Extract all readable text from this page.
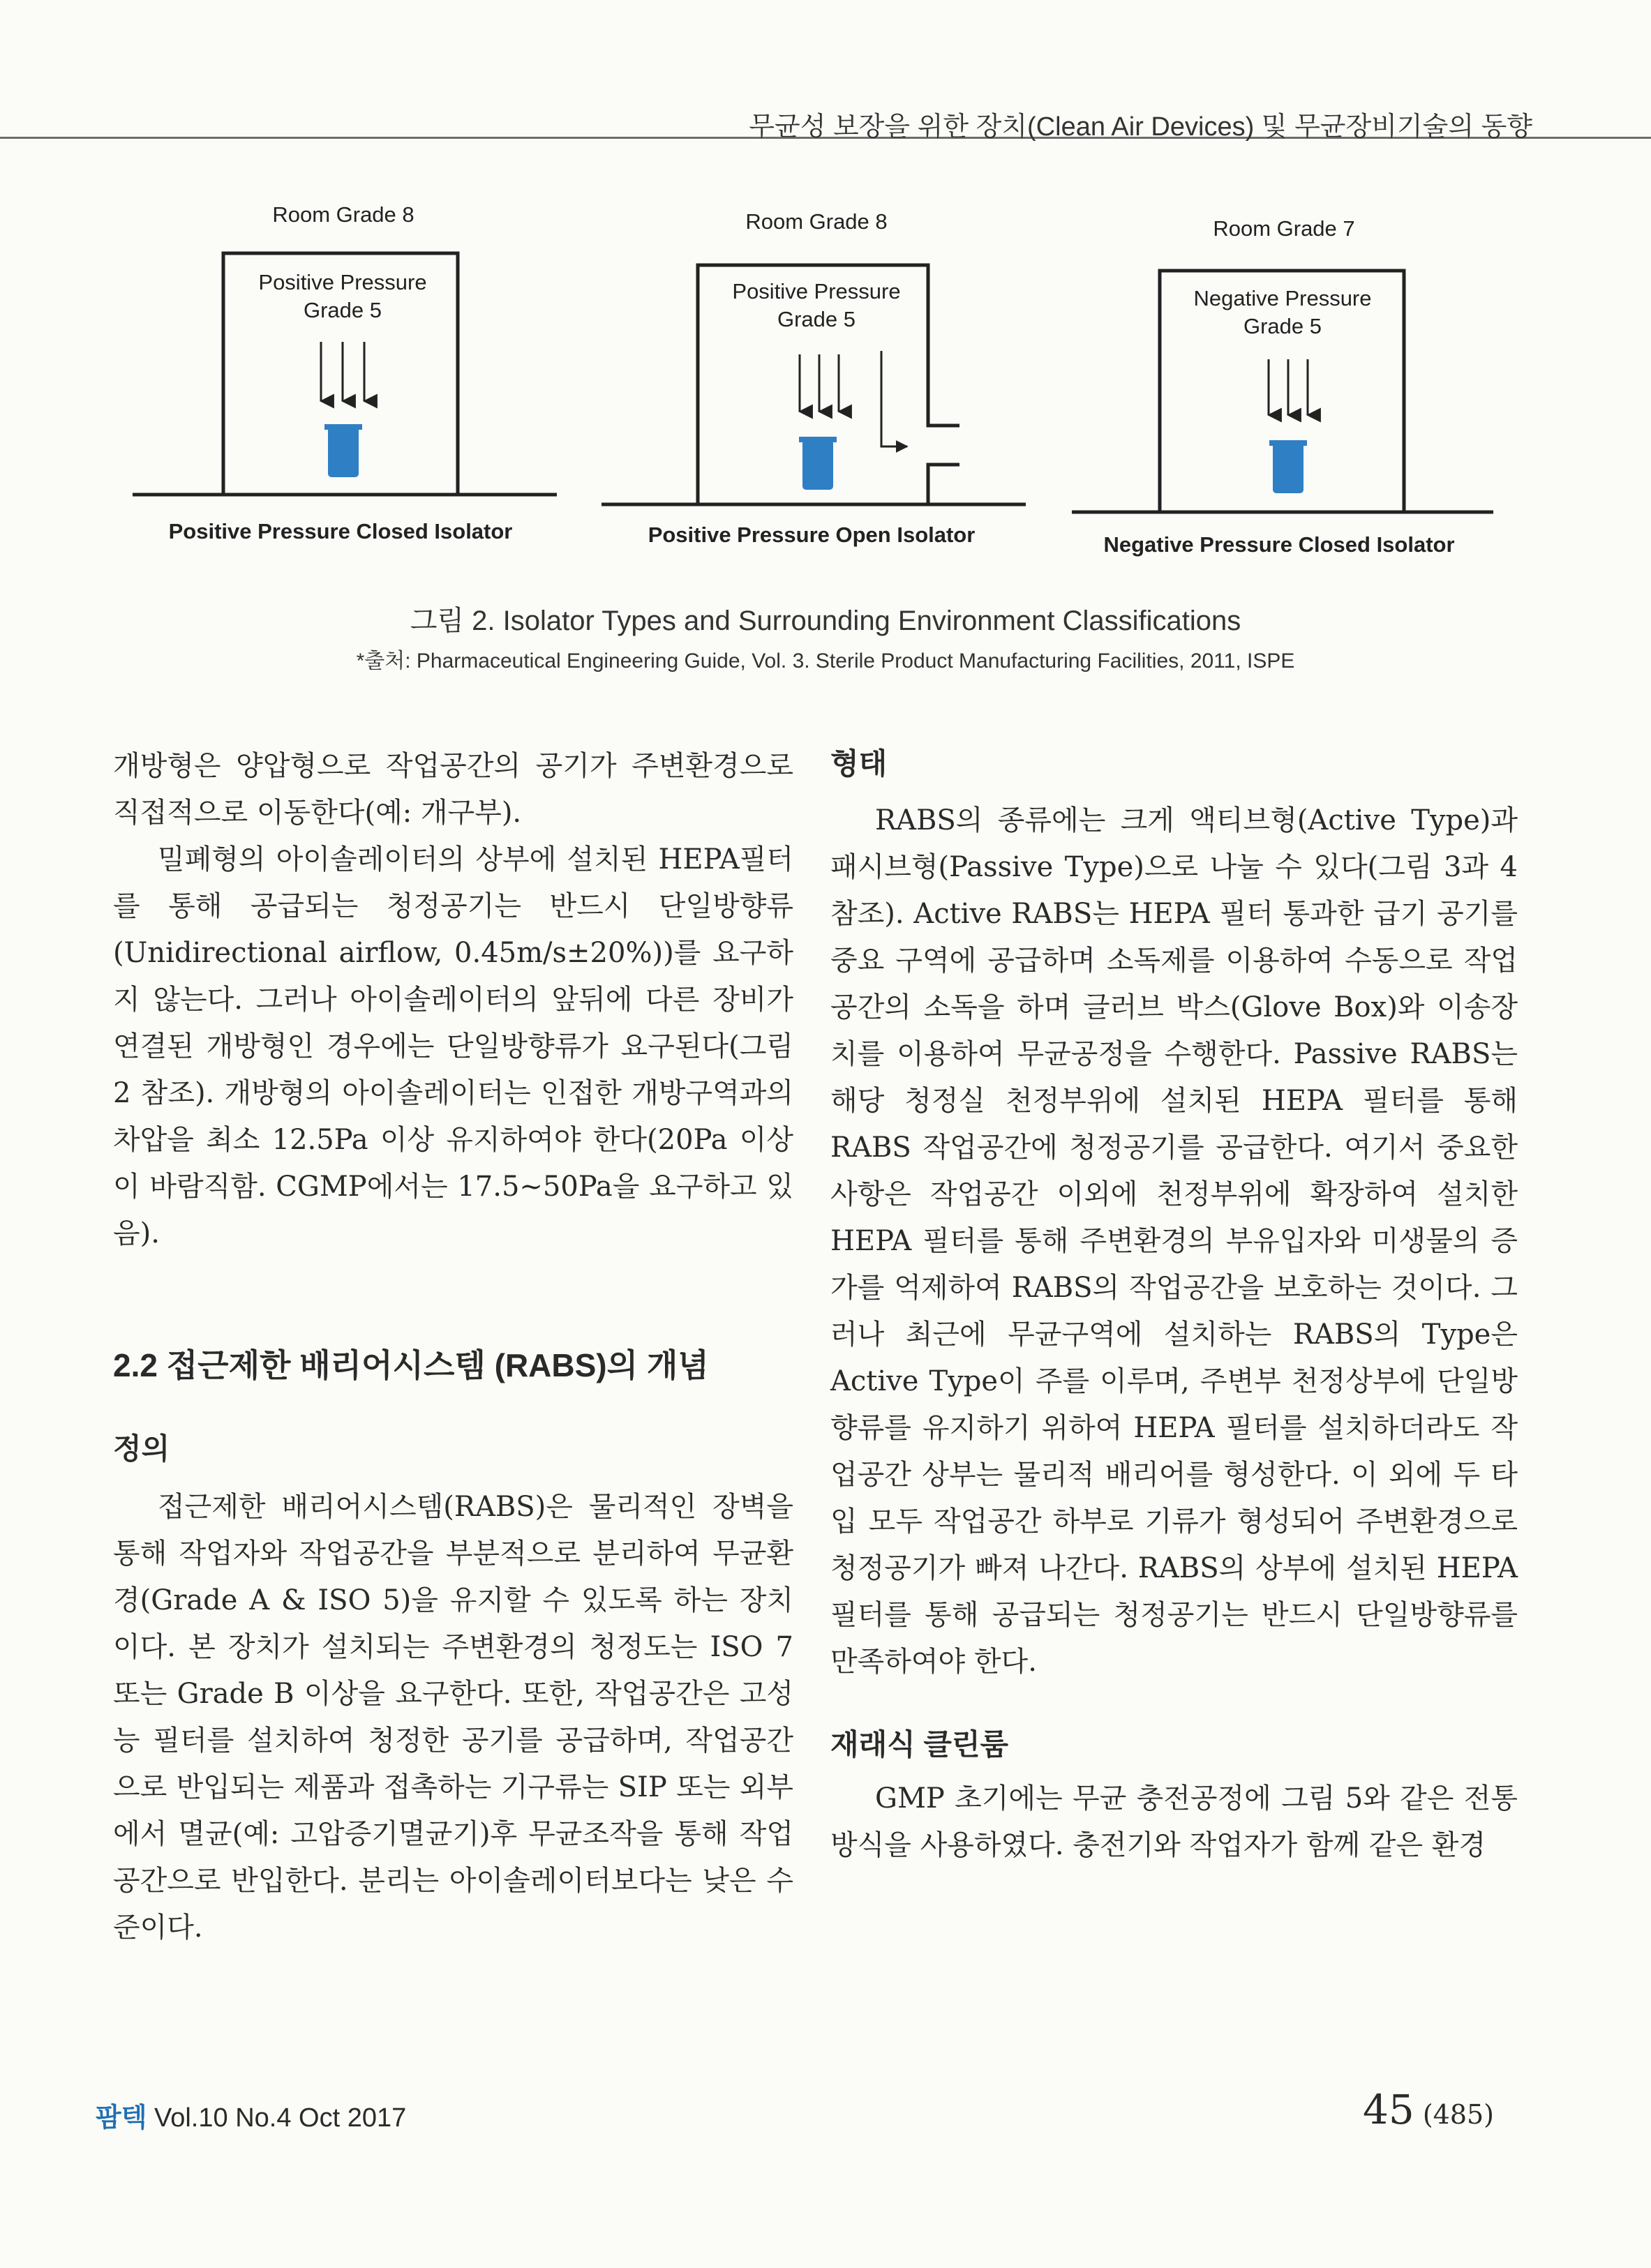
무균성 보장을 위한 장치(Clean Air Devices) 및 무균장비기술의 동향
Room Grade 8
Positive Pressure
Grade 5
Positive Pressure Closed Isolator
Room Grade 8
Positive Pressure
Grade 5
Positive Pressure Open Isolator
Room Grade 7
Negative Pressure
Grade 5
Negative Pressure Closed Isolator
그림 2. Isolator Types and Surrounding Environment Classifications
*출처: Pharmaceutical Engineering Guide, Vol. 3. Sterile Product Manufacturing Facilities, 2011, ISPE

개방형은 양압형으로 작업공간의 공기가 주변환경으로 직접적으로 이동한다(예: 개구부).

밀폐형의 아이솔레이터의 상부에 설치된 HEPA필터를 통해 공급되는 청정공기는 반드시 단일방향류(Unidirectional airflow, 0.45m/s±20%))를 요구하지 않는다. 그러나 아이솔레이터의 앞뒤에 다른 장비가 연결된 개방형인 경우에는 단일방향류가 요구된다(그림 2 참조). 개방형의 아이솔레이터는 인접한 개방구역과의 차압을 최소 12.5Pa 이상 유지하여야 한다(20Pa 이상이 바람직함. CGMP에서는 17.5~50Pa을 요구하고 있음).

2.2 접근제한 배리어시스템 (RABS)의 개념
정의

접근제한 배리어시스템(RABS)은 물리적인 장벽을 통해 작업자와 작업공간을 부분적으로 분리하여 무균환경(Grade A & ISO 5)을 유지할 수 있도록 하는 장치이다. 본 장치가 설치되는 주변환경의 청정도는 ISO 7 또는 Grade B 이상을 요구한다. 또한, 작업공간은 고성능 필터를 설치하여 청정한 공기를 공급하며, 작업공간으로 반입되는 제품과 접촉하는 기구류는 SIP 또는 외부에서 멸균(예: 고압증기멸균기)후 무균조작을 통해 작업공간으로 반입한다. 분리는 아이솔레이터보다는 낮은 수준이다.

형태

RABS의 종류에는 크게 액티브형(Active Type)과 패시브형(Passive Type)으로 나눌 수 있다(그림 3과 4 참조). Active RABS는 HEPA 필터 통과한 급기 공기를 중요 구역에 공급하며 소독제를 이용하여 수동으로 작업공간의 소독을 하며 글러브 박스(Glove Box)와 이송장치를 이용하여 무균공정을 수행한다. Passive RABS는 해당 청정실 천정부위에 설치된 HEPA 필터를 통해 RABS 작업공간에 청정공기를 공급한다. 여기서 중요한 사항은 작업공간 이외에 천정부위에 확장하여 설치한 HEPA 필터를 통해 주변환경의 부유입자와 미생물의 증가를 억제하여 RABS의 작업공간을 보호하는 것이다. 그러나 최근에 무균구역에 설치하는 RABS의 Type은 Active Type이 주를 이루며, 주변부 천정상부에 단일방향류를 유지하기 위하여 HEPA 필터를 설치하더라도 작업공간 상부는 물리적 배리어를 형성한다. 이 외에 두 타입 모두 작업공간 하부로 기류가 형성되어 주변환경으로 청정공기가 빠져 나간다. RABS의 상부에 설치된 HEPA 필터를 통해 공급되는 청정공기는 반드시 단일방향류를 만족하여야 한다.

재래식 클린룸

GMP 초기에는 무균 충전공정에 그림 5와 같은 전통방식을 사용하였다. 충전기와 작업자가 함께 같은 환경

팜텍 Vol.10 No.4 Oct 2017	45 (485)
